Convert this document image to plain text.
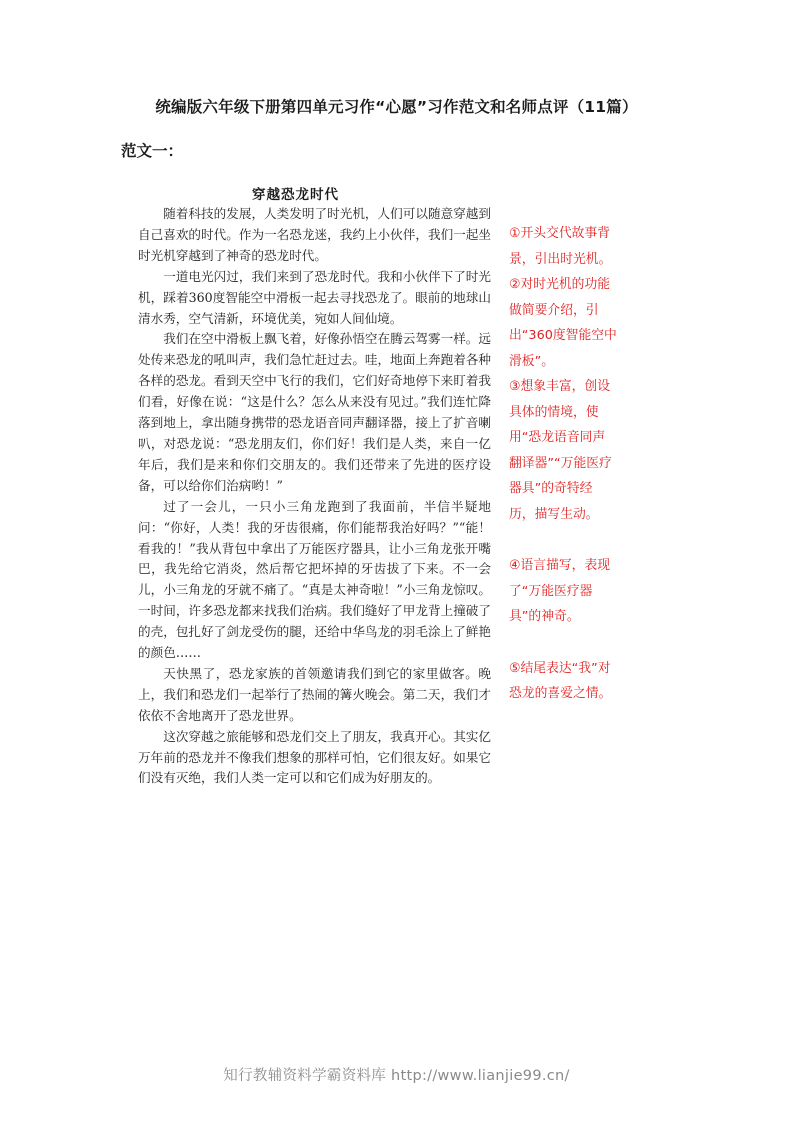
统编版六年级下册第四单元习作“心愿”习作范文和名师点评（11篇）
范文一：
穿越恐龙时代

随着科技的发展，人类发明了时光机，人们可以随意穿越到自己喜欢的时代。作为一名恐龙迷，我约上小伙伴，我们一起坐时光机穿越到了神奇的恐龙时代。

一道电光闪过，我们来到了恐龙时代。我和小伙伴下了时光机，踩着360度智能空中滑板一起去寻找恐龙了。眼前的地球山清水秀，空气清新，环境优美，宛如人间仙境。

我们在空中滑板上飘飞着，好像孙悟空在腾云驾雾一样。远处传来恐龙的吼叫声，我们急忙赶过去。哇，地面上奔跑着各种各样的恐龙。看到天空中飞行的我们，它们好奇地停下来盯着我们看，好像在说：“这是什么？怎么从来没有见过。”我们连忙降落到地上，拿出随身携带的恐龙语音同声翻译器，接上了扩音喇叭，对恐龙说：“恐龙朋友们，你们好！我们是人类，来自一亿年后，我们是来和你们交朋友的。我们还带来了先进的医疗设备，可以给你们治病哟！”

过了一会儿，一只小三角龙跑到了我面前，半信半疑地问：“你好，人类！我的牙齿很痛，你们能帮我治好吗？”“能！看我的！”我从背包中拿出了万能医疗器具，让小三角龙张开嘴巴，我先给它消炎，然后帮它把坏掉的牙齿拔了下来。不一会儿，小三角龙的牙就不痛了。“真是太神奇啦！”小三角龙惊叹。一时间，许多恐龙都来找我们治病。我们缝好了甲龙背上撞破了的壳，包扎好了剑龙受伤的腿，还给中华鸟龙的羽毛涂上了鲜艳的颜色……

天快黑了，恐龙家族的首领邀请我们到它的家里做客。晚上，我们和恐龙们一起举行了热闹的篝火晚会。第二天，我们才依依不舍地离开了恐龙世界。

这次穿越之旅能够和恐龙们交上了朋友，我真开心。其实亿万年前的恐龙并不像我们想象的那样可怕，它们很友好。如果它们没有灭绝，我们人类一定可以和它们成为好朋友的。

①开头交代故事背景，引出时光机。

②对时光机的功能做简要介绍，引出“360度智能空中滑板”。

③想象丰富，创设具体的情境，使用“恐龙语音同声翻译器”“万能医疗器具”的奇特经历，描写生动。

④语言描写，表现了“万能医疗器具”的神奇。

⑤结尾表达“我”对恐龙的喜爱之情。

知行教辅资料学霸资料库 http://www.lianjie99.cn/
